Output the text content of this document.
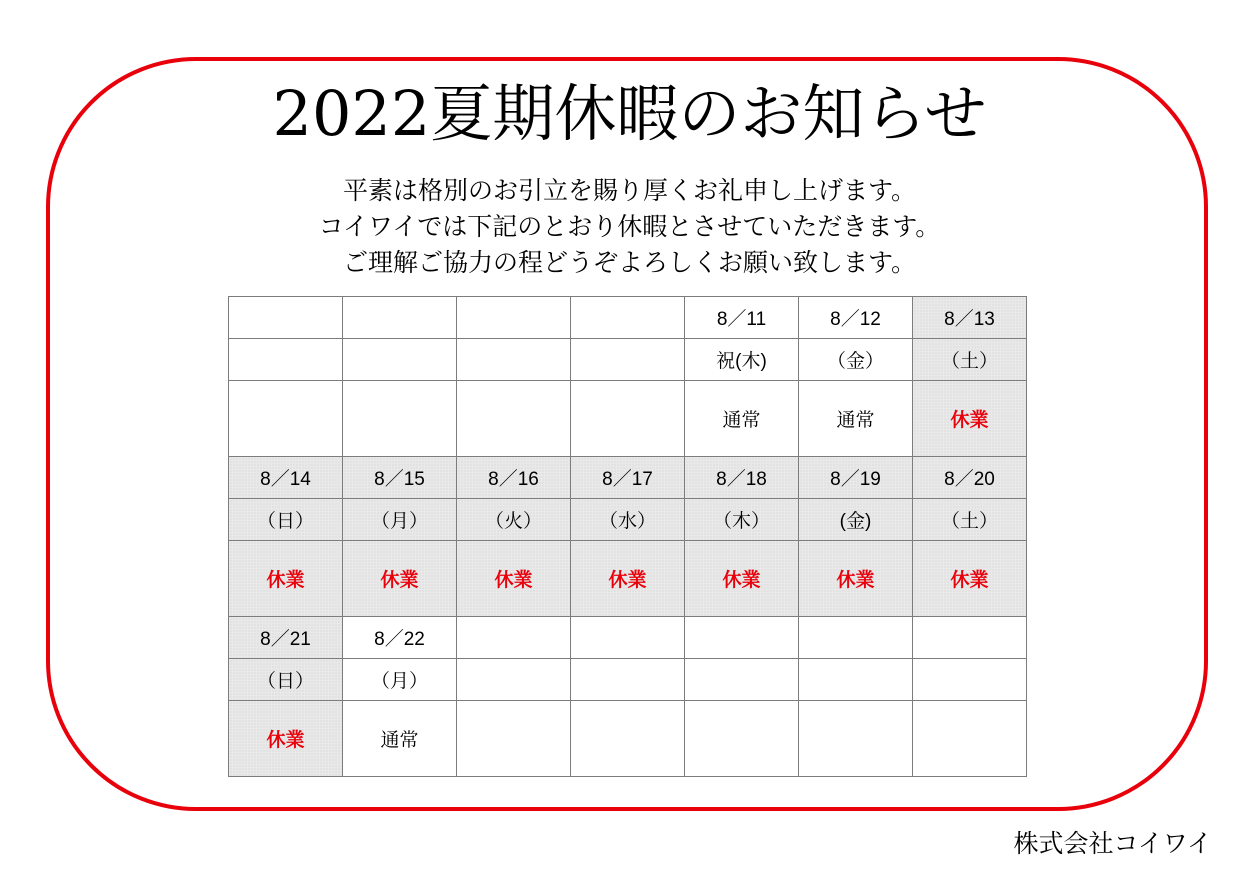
2022夏期休暇のお知らせ
平素は格別のお引立を賜り厚くお礼申し上げます。
コイワイでは下記のとおり休暇とさせていただきます。
ご理解ご協力の程どうぞよろしくお願い致します。
				8／11	8／12	8／13
				祝(木)	（金）	（土）
				通常	通常	休業
8／14	8／15	8／16	8／17	8／18	8／19	8／20
（日）	（月）	（火）	（水）	（木）	(金)	（土）
休業	休業	休業	休業	休業	休業	休業
8／21	8／22					
（日）	（月）					
休業	通常					
株式会社コイワイ
